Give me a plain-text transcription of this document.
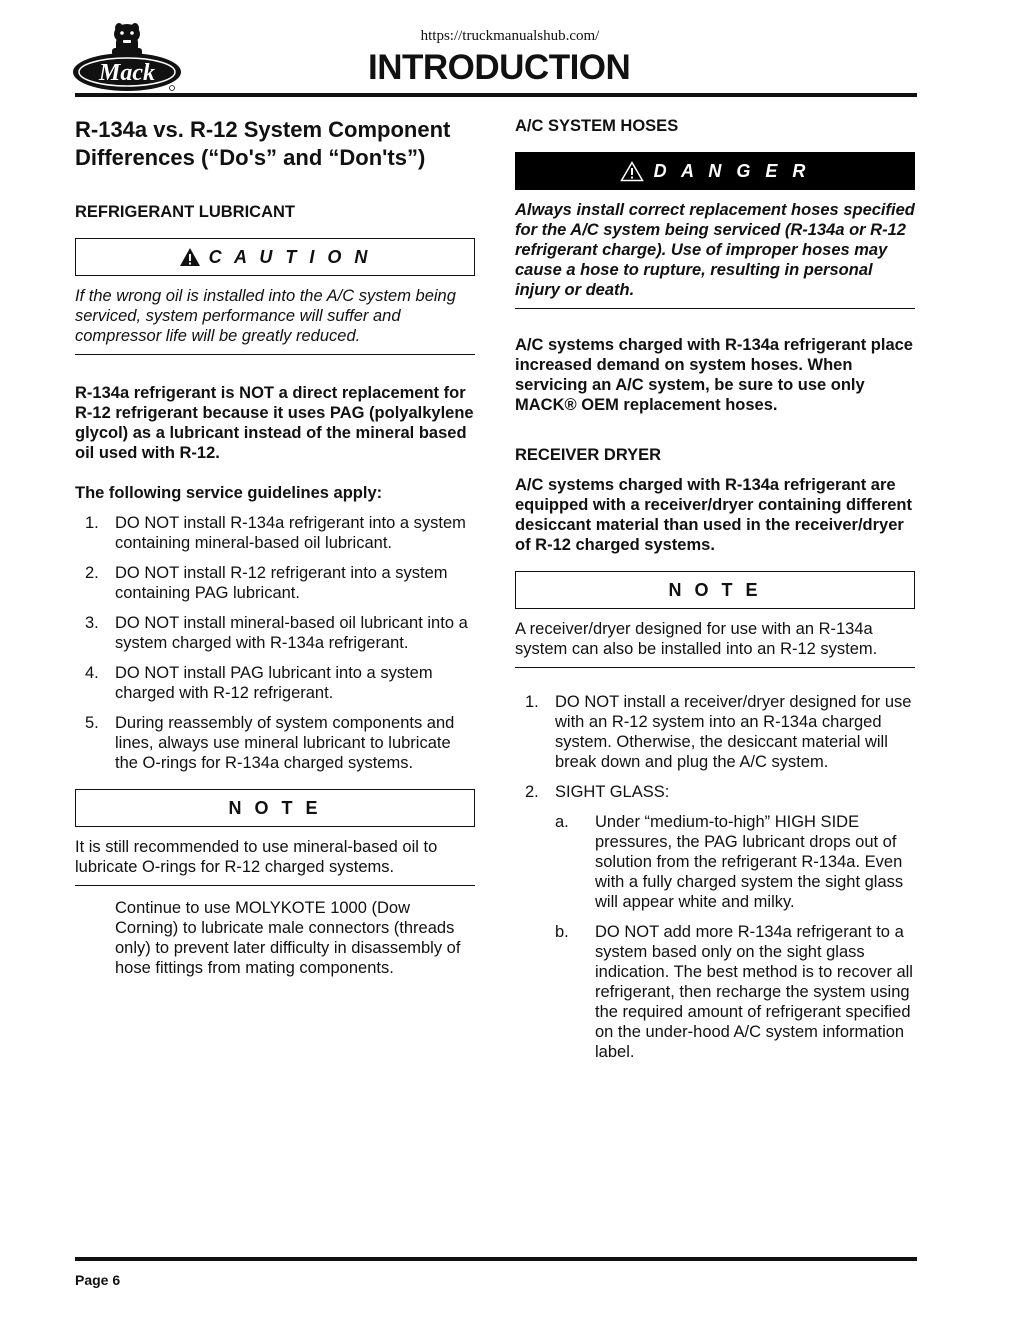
https://truckmanualshub.com/
Mack	INTRODUCTION
R-134a vs. R-12 System Component Differences (“Do's” and “Don'ts”)
REFRIGERANT LUBRICANT
C A U T I O N

If the wrong oil is installed into the A/C system being serviced, system performance will suffer and compressor life will be greatly reduced.

R-134a refrigerant is NOT a direct replacement for R-12 refrigerant because it uses PAG (polyalkylene glycol) as a lubricant instead of the mineral based oil used with R-12.

The following service guidelines apply:

1. DO NOT install R-134a refrigerant into a system containing mineral-based oil lubricant.
2. DO NOT install R-12 refrigerant into a system containing PAG lubricant.
3. DO NOT install mineral-based oil lubricant into a system charged with R-134a refrigerant.
4. DO NOT install PAG lubricant into a system charged with R-12 refrigerant.
5. During reassembly of system components and lines, always use mineral lubricant to lubricate the O-rings for R-134a charged systems.
N O T E

It is still recommended to use mineral-based oil to lubricate O-rings for R-12 charged systems.

Continue to use MOLYKOTE 1000 (Dow Corning) to lubricate male connectors (threads only) to prevent later difficulty in disassembly of hose fittings from mating components.

A/C SYSTEM HOSES
D A N G E R

Always install correct replacement hoses specified for the A/C system being serviced (R-134a or R-12 refrigerant charge). Use of improper hoses may cause a hose to rupture, resulting in personal injury or death.

A/C systems charged with R-134a refrigerant place increased demand on system hoses. When servicing an A/C system, be sure to use only MACK® OEM replacement hoses.

RECEIVER DRYER

A/C systems charged with R-134a refrigerant are equipped with a receiver/dryer containing different desiccant material than used in the receiver/dryer of R-12 charged systems.

N O T E

A receiver/dryer designed for use with an R-134a system can also be installed into an R-12 system.

1. DO NOT install a receiver/dryer designed for use with an R-12 system into an R-134a charged system. Otherwise, the desiccant material will break down and plug the A/C system.
2. SIGHT GLASS:
a. Under “medium-to-high” HIGH SIDE pressures, the PAG lubricant drops out of solution from the refrigerant R-134a. Even with a fully charged system the sight glass will appear white and milky.
b. DO NOT add more R-134a refrigerant to a system based only on the sight glass indication. The best method is to recover all refrigerant, then recharge the system using the required amount of refrigerant specified on the under-hood A/C system information label.
Page 6
